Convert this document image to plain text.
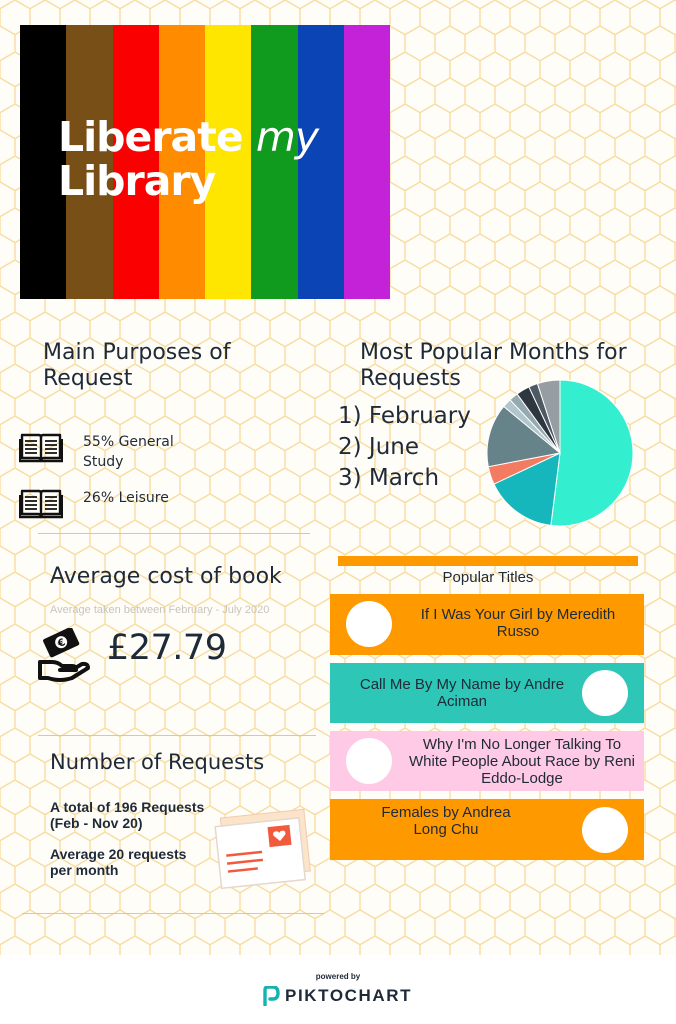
Liberate my
Library
Main Purposes of Request
55% General Study
26% Leisure
Most Popular Months for Requests
1) February
2) June
3) March
Average cost of book
Average taken between February - July 2020
€ £27.79
Number of Requests
A total of 196 Requests (Feb - Nov 20)
Average 20 requests per month
Popular Titles
If I Was Your Girl by Meredith Russo
Call Me By My Name by Andre Aciman
Why I'm No Longer Talking To White People About Race by Reni Eddo-Lodge
Females by Andrea Long Chu
powered by
PIKTOCHART
